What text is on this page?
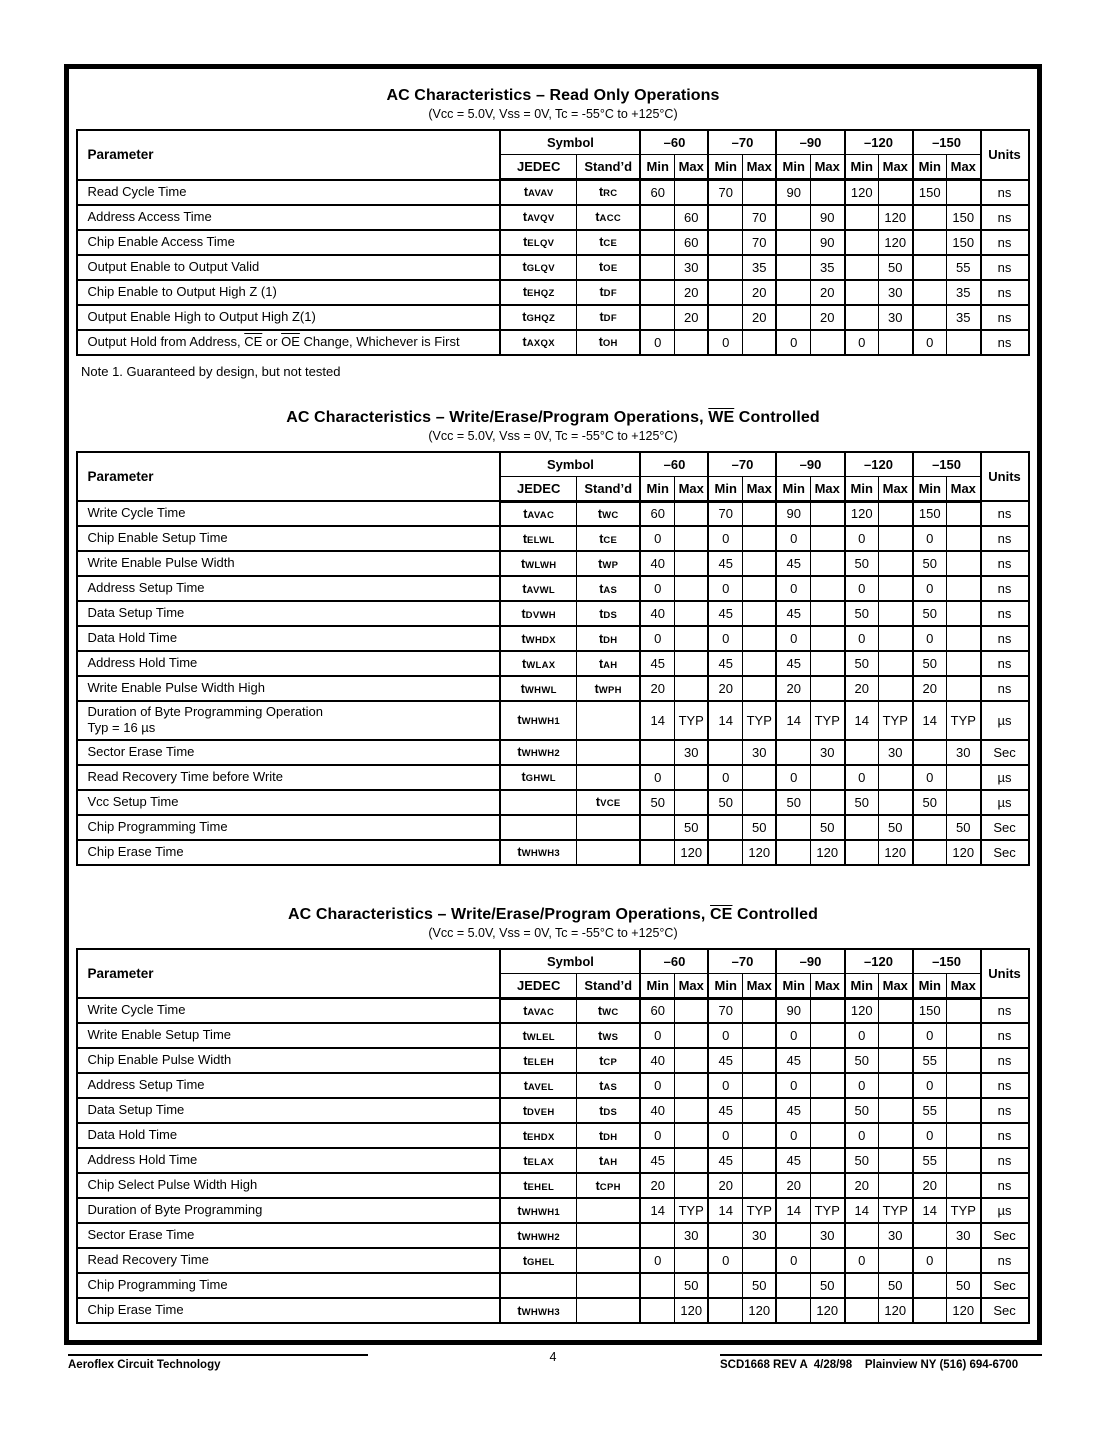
AC Characteristics – Read Only Operations
(Vcc = 5.0V, Vss = 0V, Tc = -55°C to +125°C)
Parameter	Symbol		–60		–70		–90		–120		–150		Units
	JEDEC	Stand’d	Min	Max	Min	Max	Min	Max	Min	Max	Min	Max	
Read Cycle Time	tAVAV	tRC	60		70		90		120		150		ns
Address Access Time	tAVQV	tACC		60		70		90		120		150	ns
Chip Enable Access Time	tELQV	tCE		60		70		90		120		150	ns
Output Enable to Output Valid	tGLQV	tOE		30		35		35		50		55	ns
Chip Enable to Output High Z (1)	tEHQZ	tDF		20		20		20		30		35	ns
Output Enable High to Output High Z(1)	tGHQZ	tDF		20		20		20		30		35	ns
Output Hold from Address, $\overline{CE}$ or $\overline{OE}$ Change, Whichever is First	tAXQX	tOH	0		0		0		0		0		ns
Note 1. Guaranteed by design, but not tested
AC Characteristics – Write/Erase/Program Operations, WE Controlled
(Vcc = 5.0V, Vss = 0V, Tc = -55°C to +125°C)
Parameter	Symbol		–60		–70		–90		–120		–150		Units
	JEDEC	Stand’d	Min	Max	Min	Max	Min	Max	Min	Max	Min	Max	
Write Cycle Time	tAVAC	tWC	60		70		90		120		150		ns
Chip Enable Setup Time	tELWL	tCE	0		0		0		0		0		ns
Write Enable Pulse Width	tWLWH	tWP	40		45		45		50		50		ns
Address Setup Time	tAVWL	tAS	0		0		0		0		0		ns
Data Setup Time	tDVWH	tDS	40		45		45		50		50		ns
Data Hold Time	tWHDX	tDH	0		0		0		0		0		ns
Address Hold Time	tWLAX	tAH	45		45		45		50		50		ns
Write Enable Pulse Width High	tWHWL	tWPH	20		20		20		20		20		ns
Duration of Byte Programming Operation
Typ = 16 µs	tWHWH1		14	TYP	14	TYP	14	TYP	14	TYP	14	TYP	µs
Sector Erase Time	tWHWH2			30		30		30		30		30	Sec
Read Recovery Time before Write	tGHWL		0		0		0		0		0		µs
Vcc Setup Time		tVCE	50		50		50		50		50		µs
Chip Programming Time				50		50		50		50		50	Sec
Chip Erase Time	tWHWH3			120		120		120		120		120	Sec
AC Characteristics – Write/Erase/Program Operations, CE Controlled
(Vcc = 5.0V, Vss = 0V, Tc = -55°C to +125°C)
Parameter	Symbol		–60		–70		–90		–120		–150		Units
	JEDEC	Stand’d	Min	Max	Min	Max	Min	Max	Min	Max	Min	Max	
Write Cycle Time	tAVAC	tWC	60		70		90		120		150		ns
Write Enable Setup Time	tWLEL	tWS	0		0		0		0		0		ns
Chip Enable Pulse Width	tELEH	tCP	40		45		45		50		55		ns
Address Setup Time	tAVEL	tAS	0		0		0		0		0		ns
Data Setup Time	tDVEH	tDS	40		45		45		50		55		ns
Data Hold Time	tEHDX	tDH	0		0		0		0		0		ns
Address Hold Time	tELAX	tAH	45		45		45		50		55		ns
Chip Select Pulse Width High	tEHEL	tCPH	20		20		20		20		20		ns
Duration of Byte Programming	tWHWH1		14	TYP	14	TYP	14	TYP	14	TYP	14	TYP	µs
Sector Erase Time	tWHWH2			30		30		30		30		30	Sec
Read Recovery Time	tGHEL		0		0		0		0		0		ns
Chip Programming Time				50		50		50		50		50	Sec
Chip Erase Time	tWHWH3			120		120		120		120		120	Sec
Aeroflex Circuit Technology
4
SCD1668 REV A  4/28/98    Plainview NY (516) 694-6700
